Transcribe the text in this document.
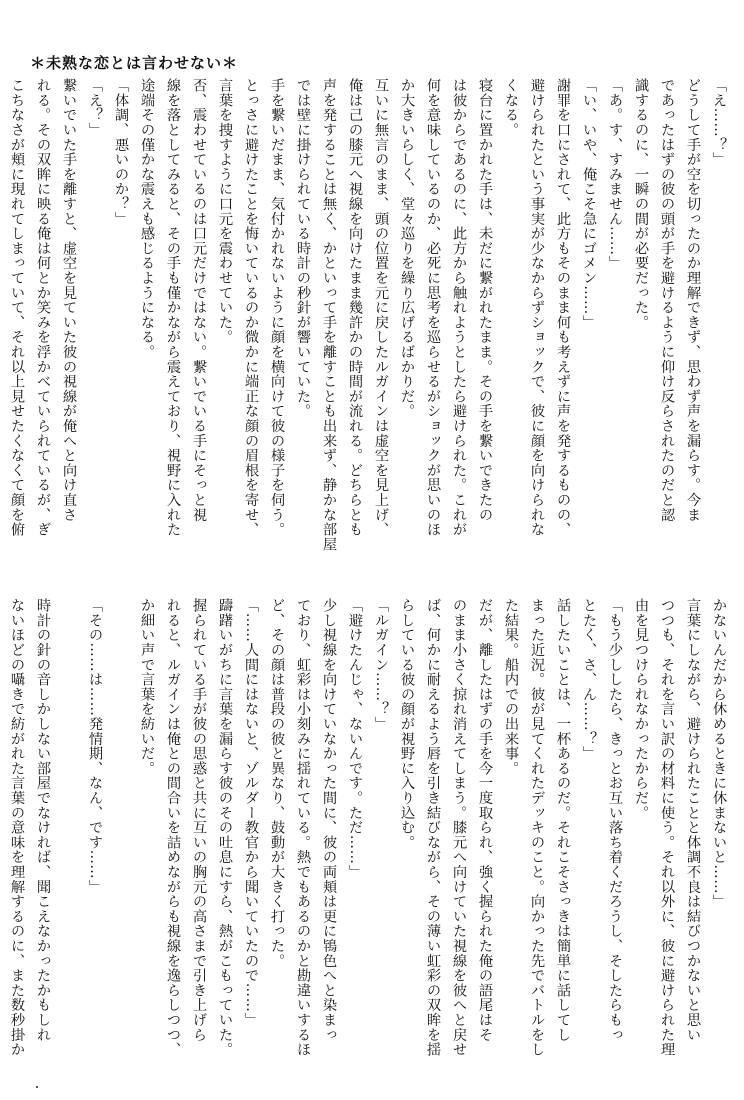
＊未熟な恋とは言わせない＊
「え……？」
どうして手が空を切ったのか理解できず、思わず声を漏らす。今ま
であったはずの彼の頭が手を避けるように仰け反らされたのだと認
識するのに、一瞬の間が必要だった。
「あ。す、すみません……」
「い、いや、俺こそ急にゴメン……」
謝罪を口にされて、此方もそのまま何も考えずに声を発するものの、
避けられたという事実が少なからずショックで、彼に顔を向けられな
くなる。
寝台に置かれた手は、未だに繋がれたまま。その手を繋いできたの
は彼からであるのに、此方から触れようとしたら避けられた。これが
何を意味しているのか、必死に思考を巡らせるがショックが思いのほ
か大きいらしく、堂々巡りを繰り広げるばかりだ。
互いに無言のまま、頭の位置を元に戻したルガインは虚空を見上げ、
俺は己の膝元へ視線を向けたまま幾許かの時間が流れる。どちらとも
声を発することは無く、かといって手を離すことも出来ず、静かな部屋
では壁に掛けられている時計の秒針が響いていた。
手を繋いだまま、気付かれないように顔を横向けて彼の様子を伺う。
とっさに避けたことを悔いているのか微かに端正な顔の眉根を寄せ、
言葉を捜すように口元を震わせていた。
否、震わせているのは口元だけではない。繋いでいる手にそっと視
線を落としてみると、その手も僅かながら震えており、視野に入れた
途端その僅かな震えも感じるようになる。
「体調、悪いのか？」
「え？」
繋いでいた手を離すと、虚空を見ていた彼の視線が俺へと向け直さ
れる。その双眸に映る俺は何とか笑みを浮かべていられているが、ぎ
こちなさが頬に現れてしまっていて、それ以上見せたくなくて顔を俯
かないんだから休めるときに休まないと……」
言葉にしながら、避けられたことと体調不良は結びつかないと思い
つつも、それを言い訳の材料に使う。それ以外に、彼に避けられた理
由を見つけられなかったからだ。
「もう少ししたら、きっとお互い落ち着くだろうし、そしたらもっ
とたく、さ、ん……？」
話したいことは、一杯あるのだ。それこそさっきは簡単に話してし
まった近況。彼が見てくれたデッキのこと。向かった先でバトルをし
た結果。船内での出来事。
だが、離したはずの手を今一度取られ、強く握られた俺の語尾はそ
のまま小さく掠れ消えてしまう。膝元へ向けていた視線を彼へと戻せ
ば、何かに耐えるよう唇を引き結びながら、その薄い虹彩の双眸を揺
らしている彼の顔が視野に入り込む。
「ルガイン……？」
「避けたんじゃ、ないんです。ただ……」
少し視線を向けていなかった間に、彼の両頬は更に鴇色へと染まっ
ており、虹彩は小刻みに揺れている。熱でもあるのかと勘違いするほ
ど、その顔は普段の彼と異なり、鼓動が大きく打った。
「……人間にはないと、ゾルダー教官から聞いていたので……」
躊躇いがちに言葉を漏らす彼のその吐息にすら、熱がこもっていた。
握られている手が彼の思惑と共に互いの胸元の高さまで引き上げら
れると、ルガインは俺との間合いを詰めながらも視線を逸らしつつ、
か細い声で言葉を紡いだ。

「その……は……発情期、なん、です……」

時計の針の音しかしない部屋でなければ、聞こえなかったかもしれ
ないほどの囁きで紡がれた言葉の意味を理解するのに、また数秒掛か
